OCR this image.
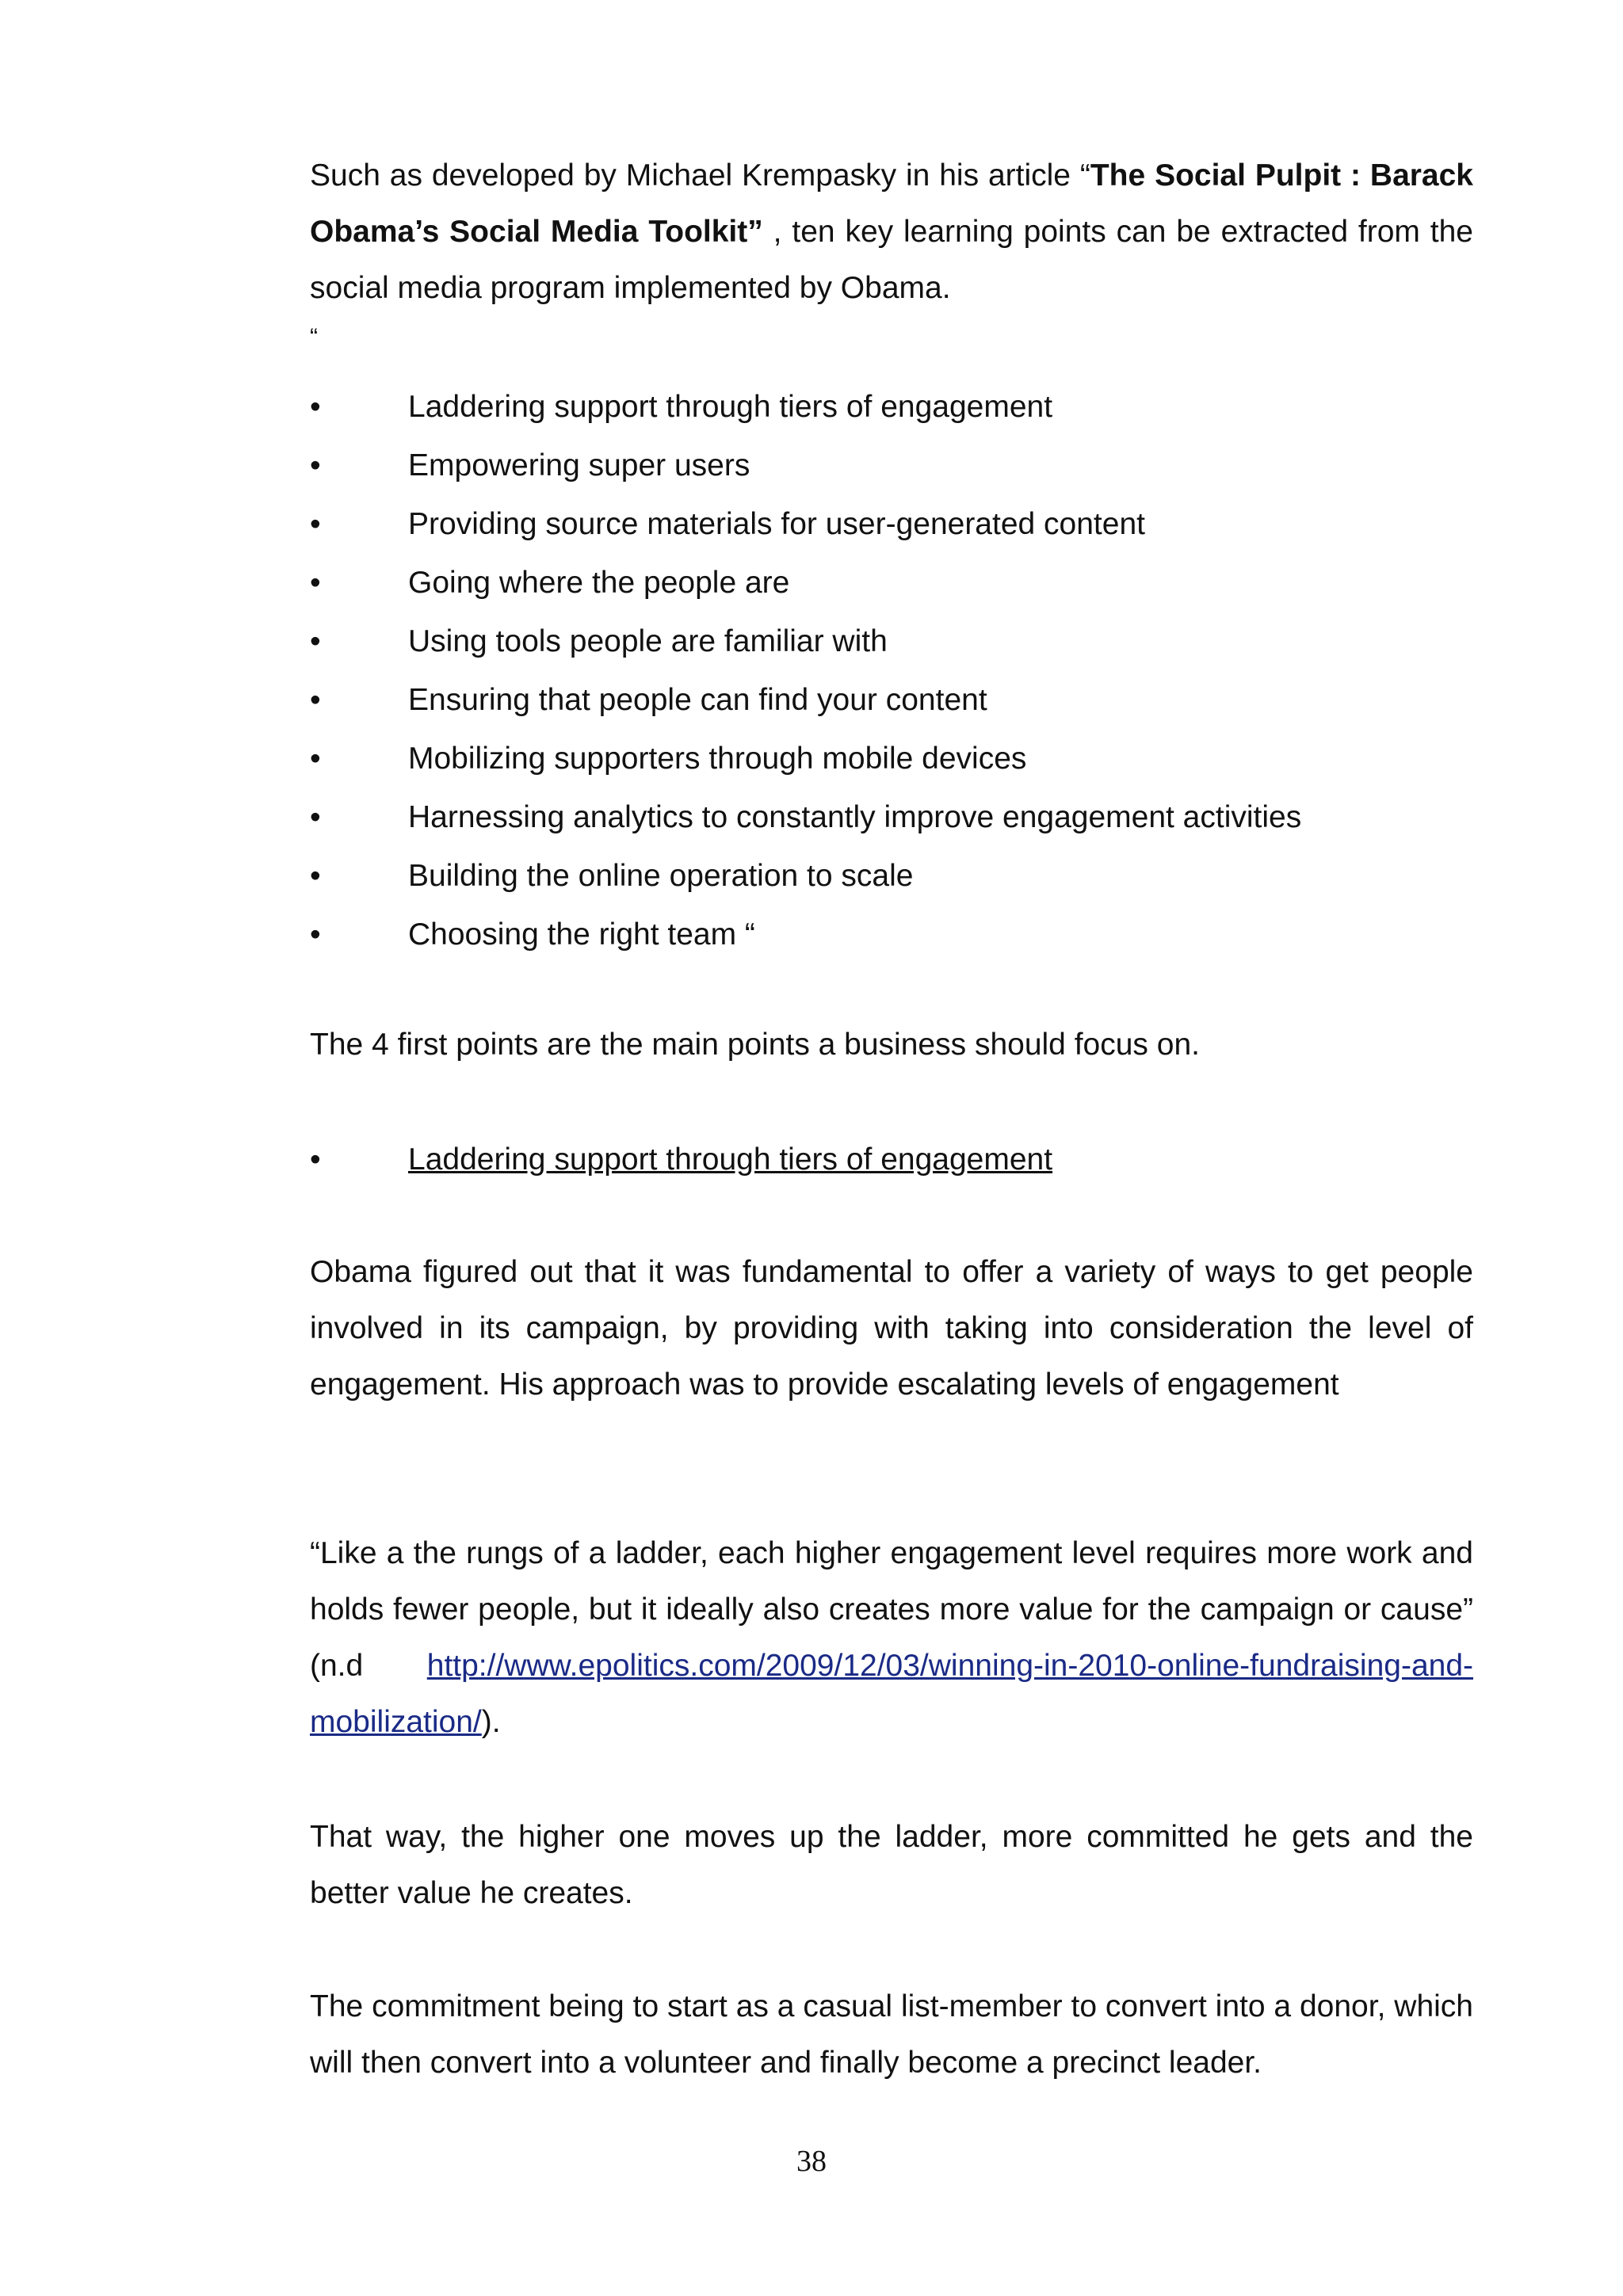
Such as developed by Michael Krempasky in his article “The Social Pulpit : Barack Obama’s Social Media Toolkit” , ten key learning points can be extracted from the social media program implemented by Obama.

“
•
Laddering support through tiers of engagement
•
Empowering super users
•
Providing source materials for user-generated content
•
Going where the people are
•
Using tools people are familiar with
•
Ensuring that people can find your content
•
Mobilizing supporters through mobile devices
•
Harnessing analytics to constantly improve engagement activities
•
Building the online operation to scale
•
Choosing the right team “

The 4 first points are the main points a business should focus on.

•
Laddering support through tiers of engagement

Obama figured out that it was fundamental to offer a variety of ways to get people involved in its campaign, by providing with taking into consideration the level of engagement. His approach was to provide escalating levels of engagement

“Like a the rungs of a ladder, each higher engagement level requires more work and holds fewer people, but it ideally also creates more value for the campaign or cause” (n.d http://www.epolitics.com/2009/12/03/winning-in-2010-online-fundraising-and-mobilization/).

That way, the higher one moves up the ladder, more committed he gets and the better value he creates.

The commitment being to start as a casual list-member to convert into a donor, which will then convert into a volunteer and finally become a precinct leader.

38
